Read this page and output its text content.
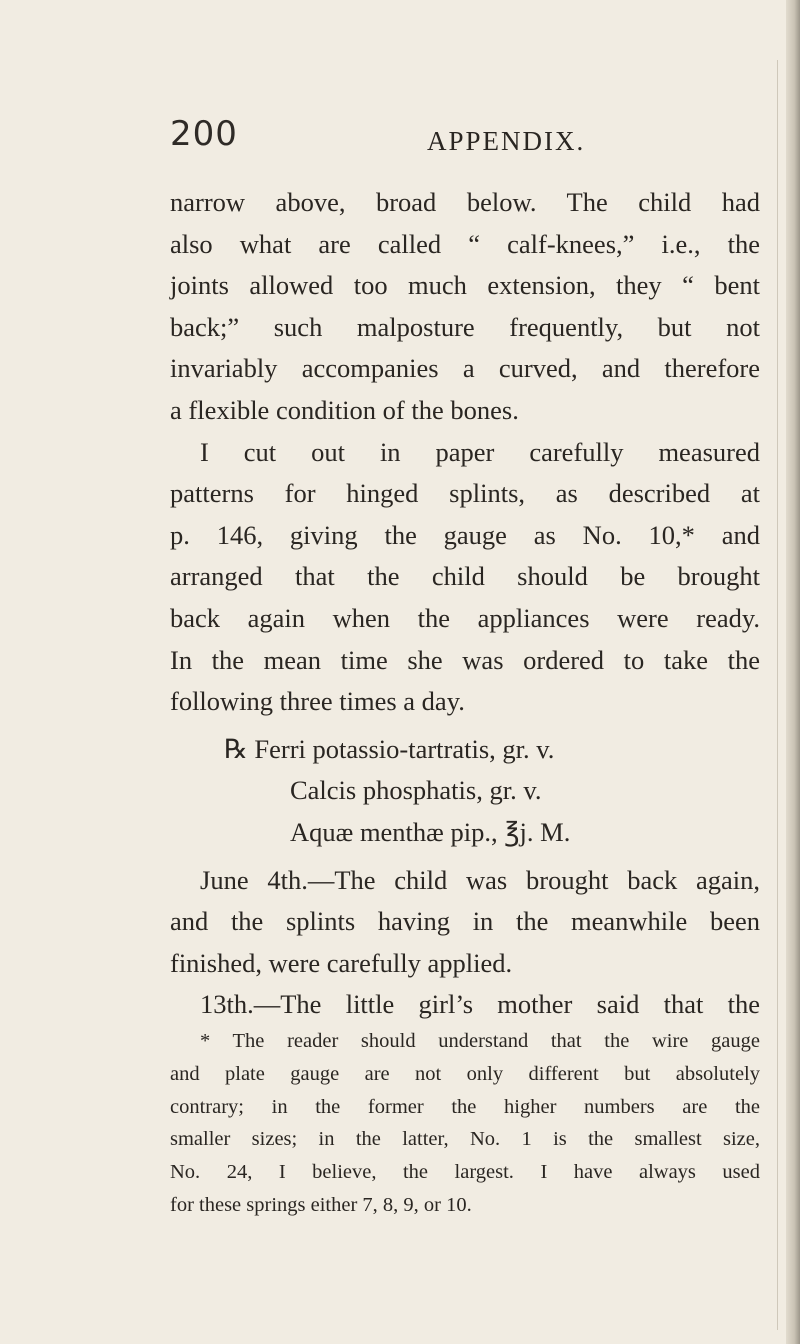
200	APPENDIX.
narrow above, broad below. The child had
also what are called “ calf-knees,” i.e., the
joints allowed too much extension, they “ bent
back;” such malposture frequently, but not
invariably accompanies a curved, and therefore
a flexible condition of the bones.
I cut out in paper carefully measured
patterns for hinged splints, as described at
p. 146, giving the gauge as No. 10,* and
arranged that the child should be brought
back again when the appliances were ready.
In the mean time she was ordered to take the
following three times a day.
℞ Ferri potassio-tartratis, gr. v.
Calcis phosphatis, gr. v.
Aquæ menthæ pip., ℥j. M.
June 4th.—The child was brought back again,
and the splints having in the meanwhile been
finished, were carefully applied.
13th.—The little girl’s mother said that the
* The reader should understand that the wire gauge
and plate gauge are not only different but absolutely
contrary; in the former the higher numbers are the
smaller sizes; in the latter, No. 1 is the smallest size,
No. 24, I believe, the largest. I have always used
for these springs either 7, 8, 9, or 10.
